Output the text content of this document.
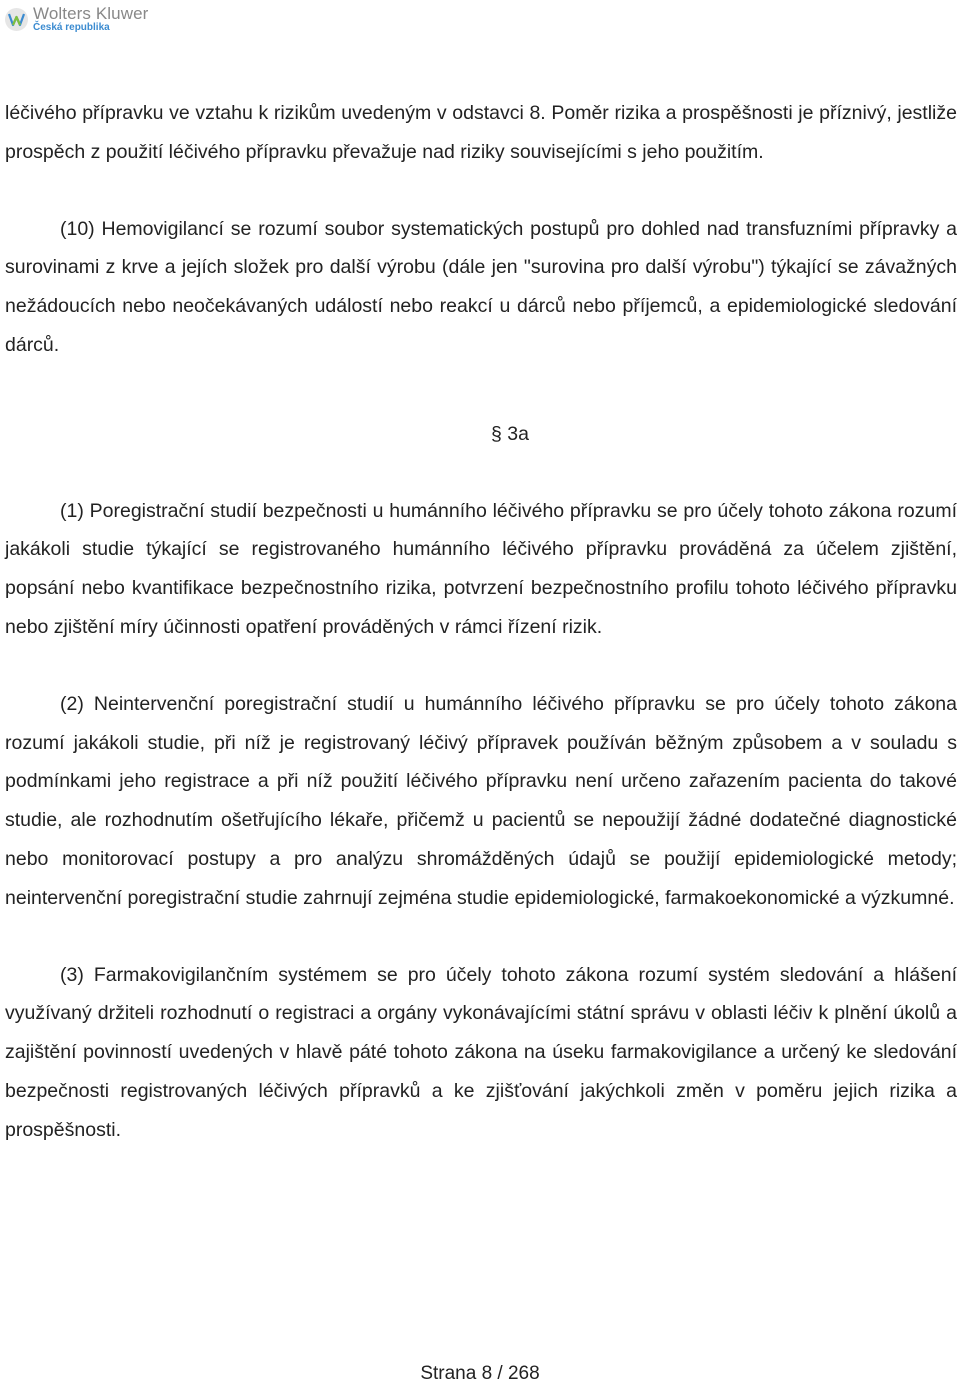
Wolters Kluwer
Česká republika

léčivého přípravku ve vztahu k rizikům uvedeným v odstavci 8. Poměr rizika a prospěšnosti je příznivý, jestliže prospěch z použití léčivého přípravku převažuje nad riziky souvisejícími s jeho použitím.

(10) Hemovigilancí se rozumí soubor systematických postupů pro dohled nad transfuzními přípravky a surovinami z krve a jejích složek pro další výrobu (dále jen "surovina pro další výrobu") týkající se závažných nežádoucích nebo neočekávaných událostí nebo reakcí u dárců nebo příjemců, a epidemiologické sledování dárců.

§ 3a

(1) Poregistrační studií bezpečnosti u humánního léčivého přípravku se pro účely tohoto zákona rozumí jakákoli studie týkající se registrovaného humánního léčivého přípravku prováděná za účelem zjištění, popsání nebo kvantifikace bezpečnostního rizika, potvrzení bezpečnostního profilu tohoto léčivého přípravku nebo zjištění míry účinnosti opatření prováděných v rámci řízení rizik.

(2) Neintervenční poregistrační studií u humánního léčivého přípravku se pro účely tohoto zákona rozumí jakákoli studie, při níž je registrovaný léčivý přípravek používán běžným způsobem a v souladu s podmínkami jeho registrace a při níž použití léčivého přípravku není určeno zařazením pacienta do takové studie, ale rozhodnutím ošetřujícího lékaře, přičemž u pacientů se nepoužijí žádné dodatečné diagnostické nebo monitorovací postupy a pro analýzu shromážděných údajů se použijí epidemiologické metody; neintervenční poregistrační studie zahrnují zejména studie epidemiologické, farmakoekonomické a výzkumné.

(3) Farmakovigilančním systémem se pro účely tohoto zákona rozumí systém sledování a hlášení využívaný držiteli rozhodnutí o registraci a orgány vykonávajícími státní správu v oblasti léčiv k plnění úkolů a zajištění povinností uvedených v hlavě páté tohoto zákona na úseku farmakovigilance a určený ke sledování bezpečnosti registrovaných léčivých přípravků a ke zjišťování jakýchkoli změn v poměru jejich rizika a prospěšnosti.

Strana 8 / 268
